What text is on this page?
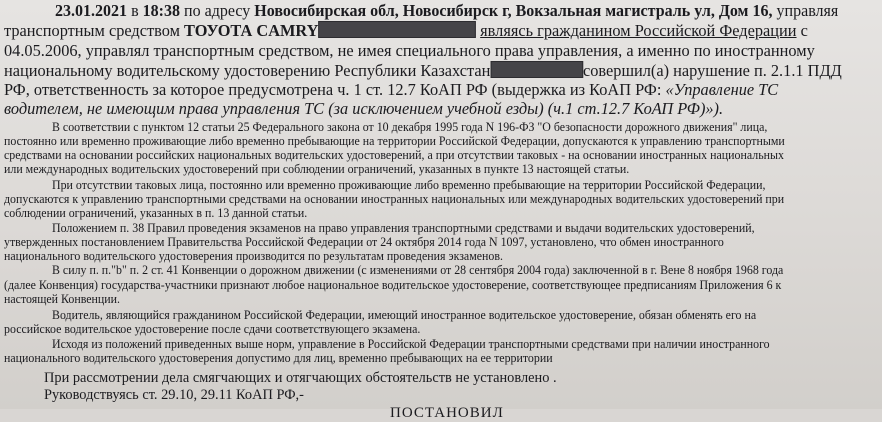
23.01.2021 в 18:38 по адресу Новосибирская обл, Новосибирск г, Вокзальная магистраль ул, Дом 16, управляя
транспортным средством ТОУОТА CAMRY	являясь гражданином Российской Федерации с
04.05.2006, управлял транспортным средством, не имея специального права управления, а именно по иностранному
национальному водительскому удостоверению Республики Казахстан	совершил(а) нарушение п. 2.1.1 ПДД
РФ, ответственность за которое предусмотрена ч. 1 ст. 12.7 КоАП РФ (выдержка из КоАП РФ: «Управление ТС
водителем, не имеющим права управления ТС (за исключением учебной езды) (ч.1 ст.12.7 КоАП РФ)»).
В соответствии с пунктом 12 статьи 25 Федерального закона от 10 декабря 1995 года N 196-ФЗ "О безопасности дорожного движения" лица,
постоянно или временно проживающие либо временно пребывающие на территории Российской Федерации, допускаются к управлению транспортными
средствами на основании российских национальных водительских удостоверений, а при отсутствии таковых - на основании иностранных национальных
или международных водительских удостоверений при соблюдении ограничений, указанных в пункте 13 настоящей статьи.
При отсутствии таковых лица, постоянно или временно проживающие либо временно пребывающие на территории Российской Федерации,
допускаются к управлению транспортными средствами на основании иностранных национальных или международных водительских удостоверений при
соблюдении ограничений, указанных в п. 13 данной статьи.
Положением п. 38 Правил проведения экзаменов на право управления транспортными средствами и выдачи водительских удостоверений,
утвержденных постановлением Правительства Российской Федерации от 24 октября 2014 года N 1097, установлено, что обмен иностранного
национального водительского удостоверения производится по результатам проведения экзаменов.
В силу п. п."b" п. 2 ст. 41 Конвенции о дорожном движении (с изменениями от 28 сентября 2004 года) заключенной в г. Вене 8 ноября 1968 года
(далее Конвенция) государства-участники признают любое национальное водительское удостоверение, соответствующее предписаниям Приложения 6 к
настоящей Конвенции.
Водитель, являющийся гражданином Российской Федерации, имеющий иностранное водительское удостоверение, обязан обменять его на
российское водительское удостоверение после сдачи соответствующего экзамена.
Исходя из положений приведенных выше норм, управление в Российской Федерации транспортными средствами при наличии иностранного
национального водительского удостоверения допустимо для лиц, временно пребывающих на ее территории
При рассмотрении дела смягчающих и отягчающих обстоятельств не установлено .
Руководствуясь ст. 29.10, 29.11 КоАП РФ,-
ПОСТАНОВИЛ
